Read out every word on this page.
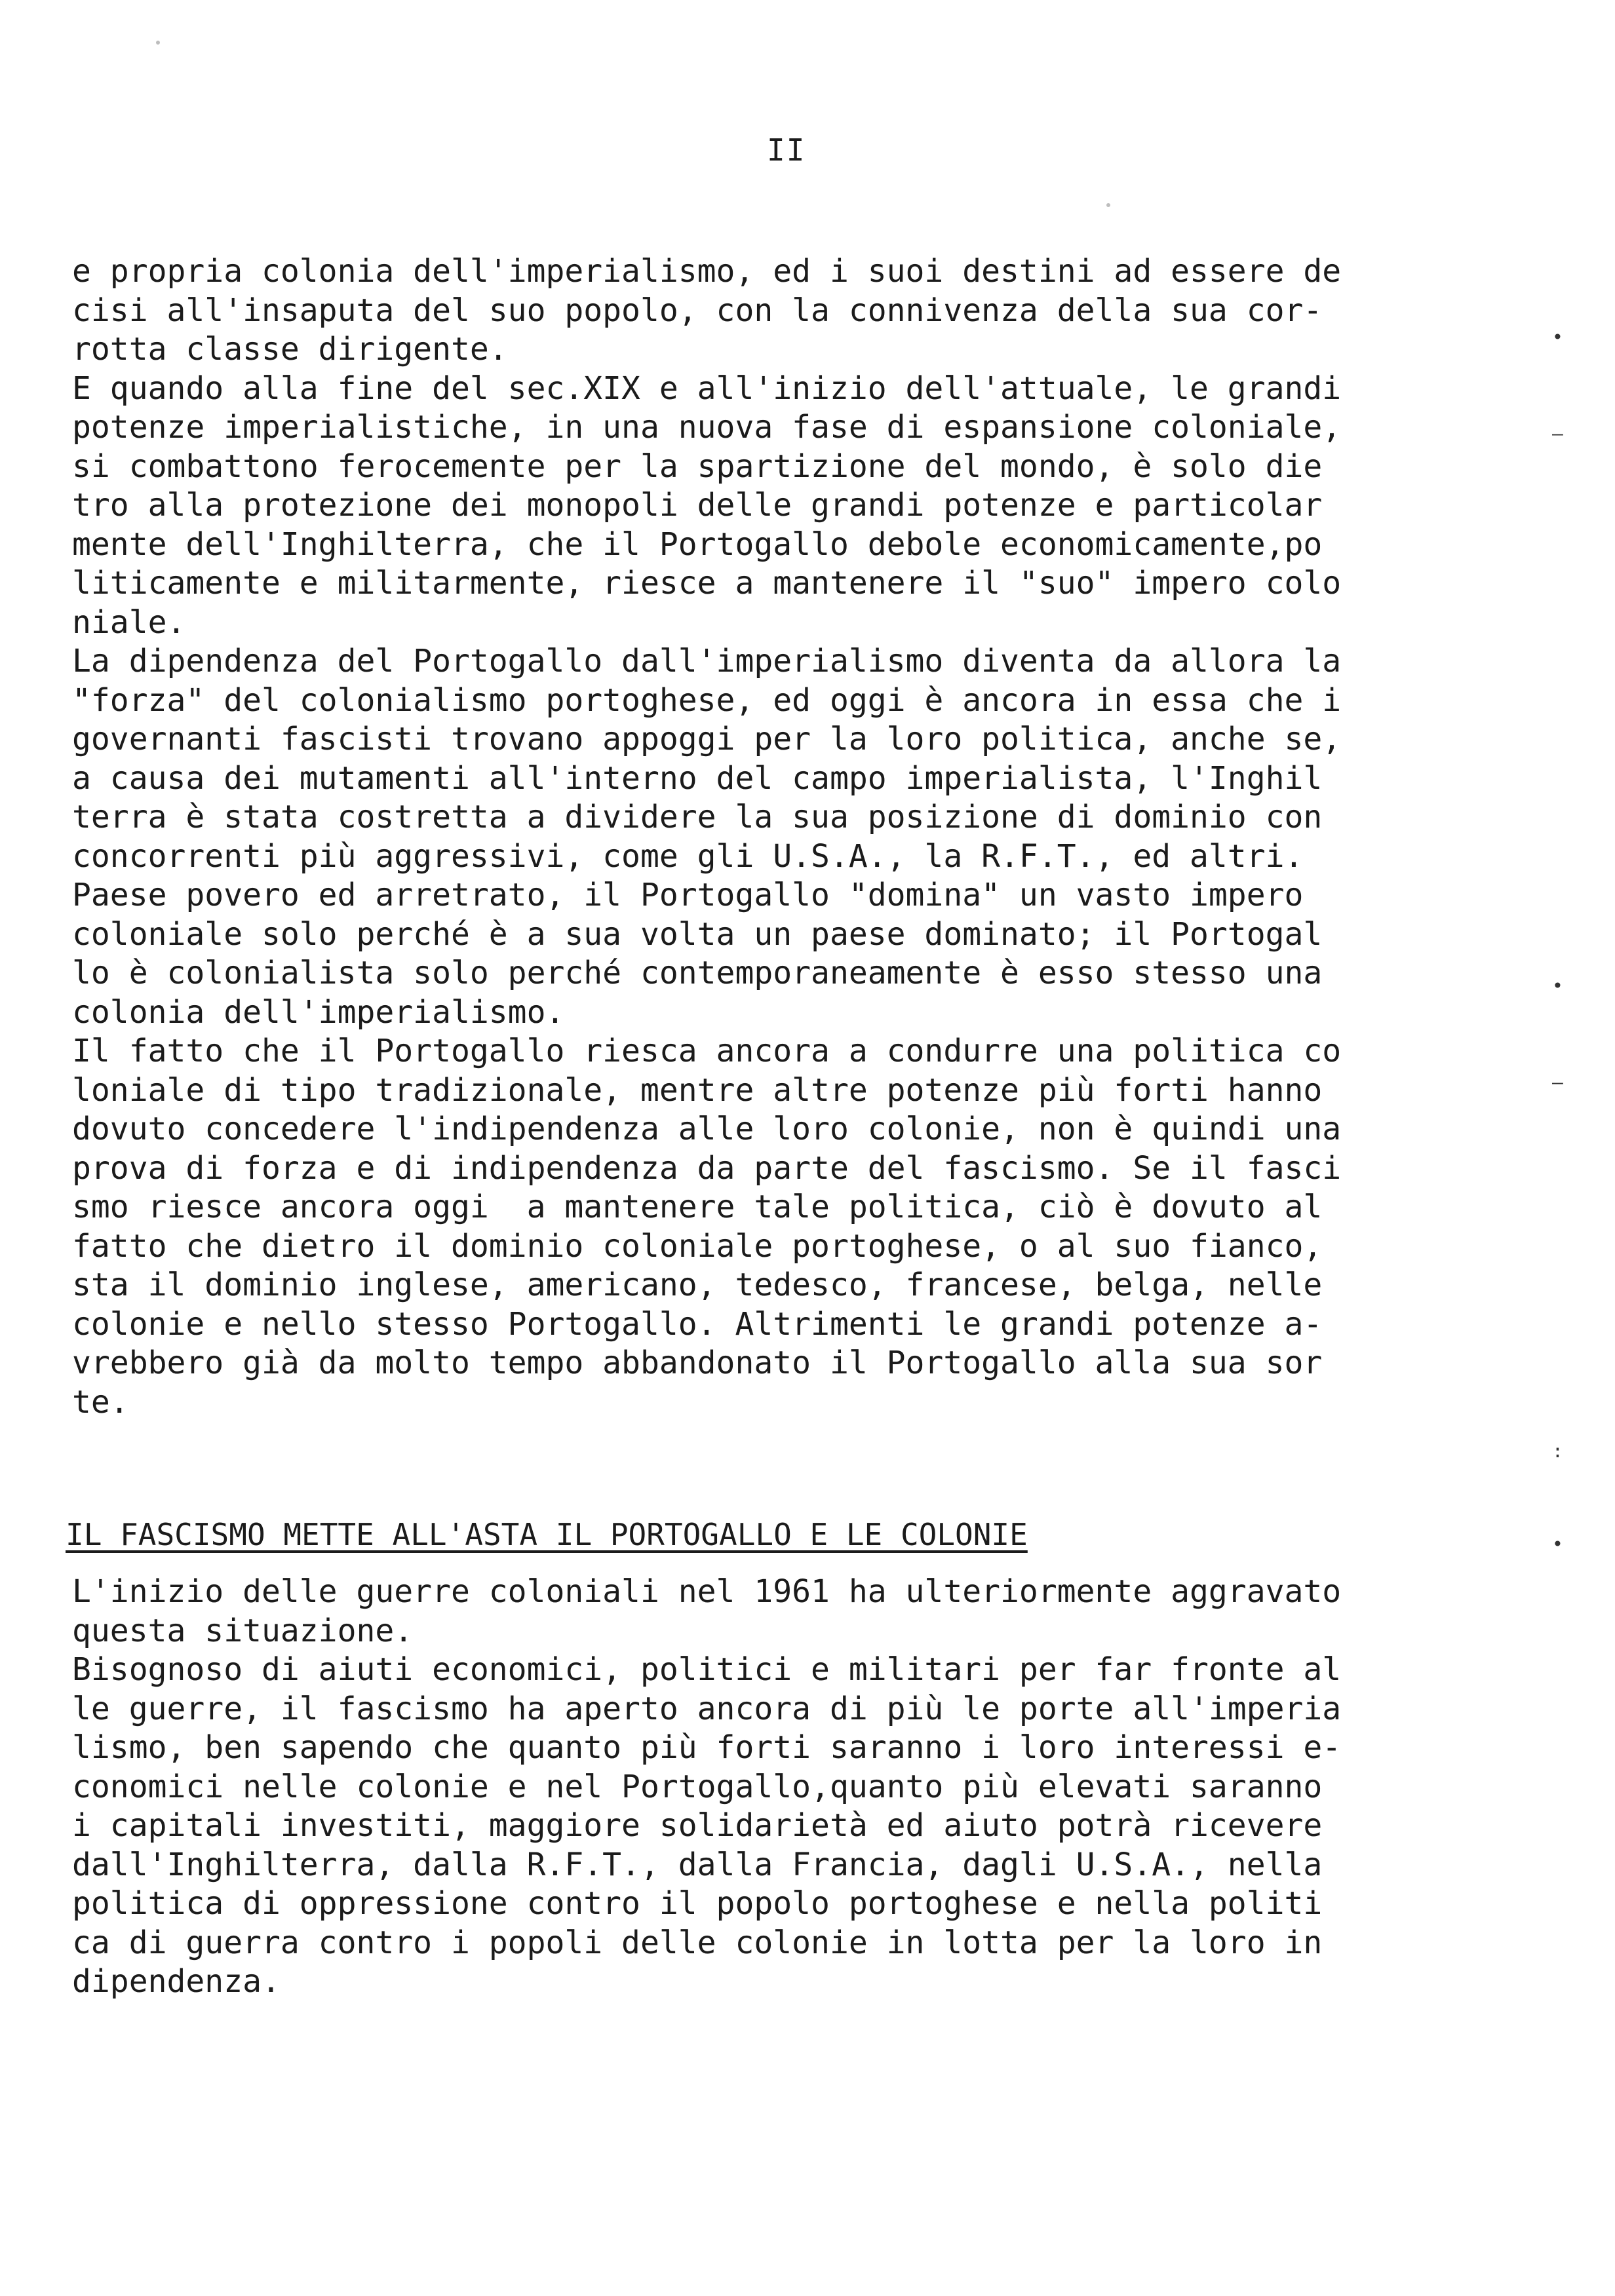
II
e propria colonia dell'imperialismo, ed i suoi destini ad essere de
cisi all'insaputa del suo popolo, con la connivenza della sua cor-
rotta classe dirigente.
E quando alla fine del sec.XIX e all'inizio dell'attuale, le grandi
potenze imperialistiche, in una nuova fase di espansione coloniale,
si combattono ferocemente per la spartizione del mondo, è solo die
tro alla protezione dei monopoli delle grandi potenze e particolar
mente dell'Inghilterra, che il Portogallo debole economicamente,po
liticamente e militarmente, riesce a mantenere il "suo" impero colo
niale.
La dipendenza del Portogallo dall'imperialismo diventa da allora la
"forza" del colonialismo portoghese, ed oggi è ancora in essa che i
governanti fascisti trovano appoggi per la loro politica, anche se,
a causa dei mutamenti all'interno del campo imperialista, l'Inghil
terra è stata costretta a dividere la sua posizione di dominio con
concorrenti più aggressivi, come gli U.S.A., la R.F.T., ed altri.
Paese povero ed arretrato, il Portogallo "domina" un vasto impero
coloniale solo perché è a sua volta un paese dominato; il Portogal
lo è colonialista solo perché contemporaneamente è esso stesso una
colonia dell'imperialismo.
Il fatto che il Portogallo riesca ancora a condurre una politica co
loniale di tipo tradizionale, mentre altre potenze più forti hanno
dovuto concedere l'indipendenza alle loro colonie, non è quindi una
prova di forza e di indipendenza da parte del fascismo. Se il fasci
smo riesce ancora oggi  a mantenere tale politica, ciò è dovuto al
fatto che dietro il dominio coloniale portoghese, o al suo fianco,
sta il dominio inglese, americano, tedesco, francese, belga, nelle
colonie e nello stesso Portogallo. Altrimenti le grandi potenze a-
vrebbero già da molto tempo abbandonato il Portogallo alla sua sor
te.
IL FASCISMO METTE ALL'ASTA IL PORTOGALLO E LE COLONIE
L'inizio delle guerre coloniali nel 1961 ha ulteriormente aggravato
questa situazione.
Bisognoso di aiuti economici, politici e militari per far fronte al
le guerre, il fascismo ha aperto ancora di più le porte all'imperia
lismo, ben sapendo che quanto più forti saranno i loro interessi e-
conomici nelle colonie e nel Portogallo,quanto più elevati saranno
i capitali investiti, maggiore solidarietà ed aiuto potrà ricevere
dall'Inghilterra, dalla R.F.T., dalla Francia, dagli U.S.A., nella
politica di oppressione contro il popolo portoghese e nella politi
ca di guerra contro i popoli delle colonie in lotta per la loro in
dipendenza.
•
–
•
–
:
•
